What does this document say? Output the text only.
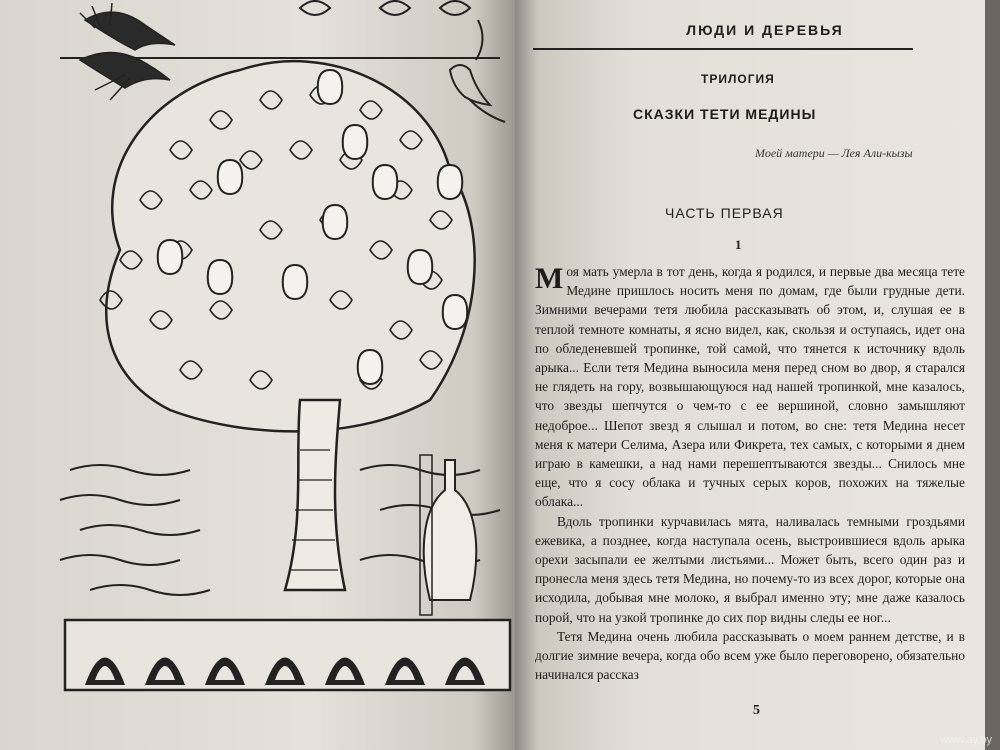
ЛЮДИ И ДЕРЕВЬЯ
ТРИЛОГИЯ
СКАЗКИ ТЕТИ МЕДИНЫ
Моей матери — Лея Али-кызы
ЧАСТЬ ПЕРВАЯ
1

Моя мать умерла в тот день, когда я родился, и первые два месяца тете Медине пришлось носить меня по домам, где были грудные дети. Зимними вечерами тетя любила рассказывать об этом, и, слушая ее в теплой темноте комнаты, я ясно видел, как, скользя и оступаясь, идет она по обледеневшей тропинке, той самой, что тянется к источнику вдоль арыка... Если тетя Медина выносила меня перед сном во двор, я старался не глядеть на гору, возвышающуюся над нашей тропинкой, мне казалось, что звезды шепчутся о чем-то с ее вершиной, словно замышляют недоброе... Шепот звезд я слышал и потом, во сне: тетя Медина несет меня к матери Селима, Азера или Фикрета, тех самых, с которыми я днем играю в камешки, а над нами перешептываются звезды... Снилось мне еще, что я сосу облака и тучных серых коров, похожих на тяжелые облака...

Вдоль тропинки курчавилась мята, наливалась темными гроздьями ежевика, а позднее, когда наступала осень, выстроившиеся вдоль арыка орехи засыпали ее желтыми листьями... Может быть, всего один раз и пронесла меня здесь тетя Медина, но почему-то из всех дорог, которые она исходила, добывая мне молоко, я выбрал именно эту; мне даже казалось порой, что на узкой тропинке до сих пор видны следы ее ног...

Тетя Медина очень любила рассказывать о моем раннем детстве, и в долгие зимние вечера, когда обо всем уже было переговорено, обязательно начинался рассказ

5
www.ay.by
